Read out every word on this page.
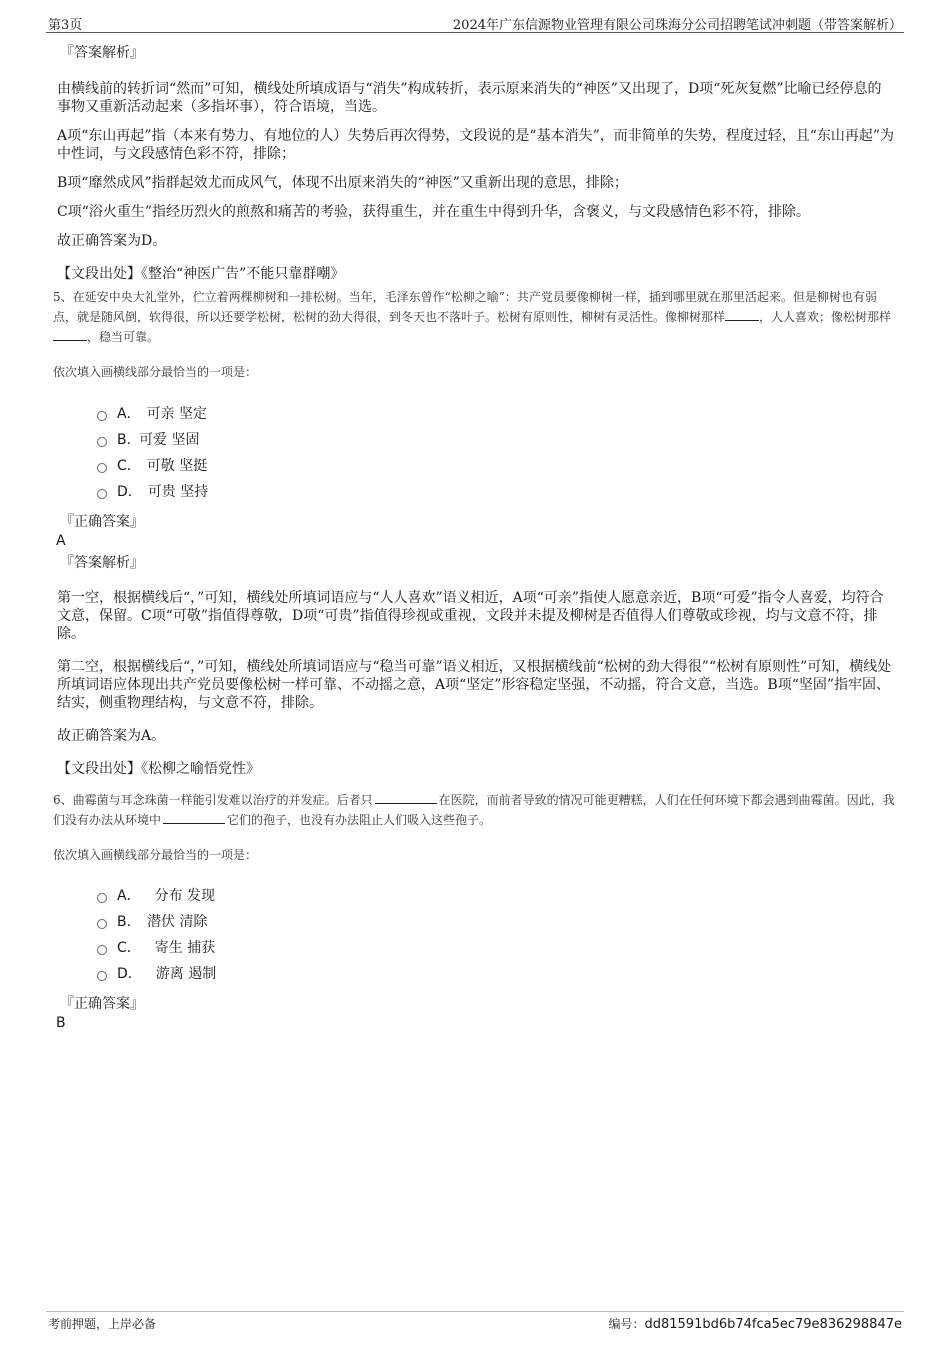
第3页	2024年广东信源物业管理有限公司珠海分公司招聘笔试冲刺题（带答案解析）
『答案解析』

由横线前的转折词“然而”可知，横线处所填成语与“消失”构成转折，表示原来消失的“神医”又出现了，D项“死灰复燃”比喻已经停息的事物又重新活动起来（多指坏事），符合语境，当选。

A项“东山再起”指（本来有势力、有地位的人）失势后再次得势，文段说的是“基本消失”，而非简单的失势，程度过轻，且“东山再起”为中性词，与文段感情色彩不符，排除；

B项“靡然成风”指群起效尤而成风气，体现不出原来消失的“神医”又重新出现的意思，排除；

C项“浴火重生”指经历烈火的煎熬和痛苦的考验，获得重生，并在重生中得到升华，含褒义，与文段感情色彩不符，排除。

故正确答案为D。

【文段出处】《整治“神医广告”不能只靠群嘲》

5、在延安中央大礼堂外，伫立着两棵柳树和一排松树。当年，毛泽东曾作“松柳之喻”：共产党员要像柳树一样，插到哪里就在那里活起来。但是柳树也有弱点，就是随风倒，软得很，所以还要学松树，松树的劲大得很，到冬天也不落叶子。松树有原则性，柳树有灵活性。像柳树那样	，人人喜欢；像松树那样，稳当可靠。

依次填入画横线部分最恰当的一项是：

A． 可亲 坚定
B. 可爱 坚固
C． 可敬 坚挺
D． 可贵 坚持
『正确答案』
A
『答案解析』

第一空，根据横线后“，”可知，横线处所填词语应与“人人喜欢”语义相近，A项“可亲”指使人愿意亲近，B项“可爱”指令人喜爱，均符合文意，保留。C项“可敬”指值得尊敬，D项“可贵”指值得珍视或重视，文段并未提及柳树是否值得人们尊敬或珍视，均与文意不符，排除。

第二空，根据横线后“，”可知，横线处所填词语应与“稳当可靠”语义相近，又根据横线前“松树的劲大得很”“松树有原则性”可知，横线处所填词语应体现出共产党员要像松树一样可靠、不动摇之意，A项“坚定”形容稳定坚强，不动摇，符合文意，当选。B项“坚固”指牢固、结实，侧重物理结构，与文意不符，排除。

故正确答案为A。

【文段出处】《松柳之喻悟党性》

6、曲霉菌与耳念珠菌一样能引发难以治疗的并发症。后者只	在医院，而前者导致的情况可能更糟糕，人们在任何环境下都会遇到曲霉菌。因此，我们没有办法从环境中	它们的孢子，也没有办法阻止人们吸入这些孢子。

依次填入画横线部分最恰当的一项是：

A． 分布 发现
B. 潜伏 清除
C． 寄生 捕获
D． 游离 遏制
『正确答案』
B
考前押题，上岸必备	编号：dd81591bd6b74fca5ec79e836298847e
